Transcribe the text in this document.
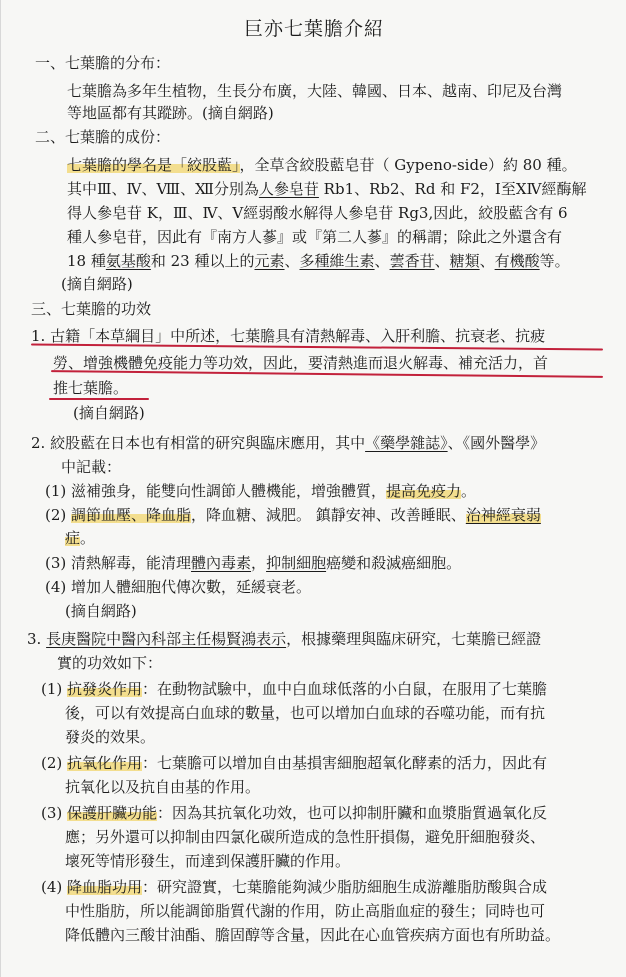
巨亦七葉膽介紹
一、七葉膽的分布：
七葉膽為多年生植物，生長分布廣，大陸、韓國、日本、越南、印尼及台灣
等地區都有其蹤跡。(摘自網路)
二、七葉膽的成份：
七葉膽的學名是「絞股藍」，全草含絞股藍皂苷（ Gypeno-side）約 80 種。
其中Ⅲ、Ⅳ、Ⅷ、Ⅻ分別為人參皂苷 Rb1、Rb2、Rd 和 F2，Ⅰ至ⅩⅣ經酶解
得人參皂苷 K，Ⅲ、Ⅳ、Ⅴ經弱酸水解得人參皂苷 Rg3,因此，絞股藍含有 6
種人參皂苷，因此有『南方人蔘』或『第二人蔘』的稱謂；除此之外還含有
18 種氨基酸和 23 種以上的元素、多種維生素、蕓香苷、糖類、有機酸等。
(摘自網路)
三、七葉膽的功效
1. 古籍「本草綱目」中所述，七葉膽具有清熱解毒、入肝利膽、抗衰老、抗疲
勞、增強機體免疫能力等功效，因此，要清熱進而退火解毒、補充活力，首
推七葉膽。
(摘自網路)
2. 絞股藍在日本也有相當的研究與臨床應用，其中《藥學雜誌》、《國外醫學》
中記載：
(1) 滋補強身，能雙向性調節人體機能，增強體質，提高免疫力。
(2) 調節血壓、降血脂，降血糖、減肥。 鎮靜安神、改善睡眠、治神經衰弱
症。
(3) 清熱解毒，能清理體內毒素，抑制細胞癌變和殺滅癌細胞。
(4) 增加人體細胞代傳次數，延緩衰老。
(摘自網路)
3. 長庚醫院中醫內科部主任楊賢鴻表示，根據藥理與臨床研究，七葉膽已經證
實的功效如下：
(1) 抗發炎作用：在動物試驗中，血中白血球低落的小白鼠，在服用了七葉膽
後，可以有效提高白血球的數量，也可以增加白血球的吞噬功能，而有抗
發炎的效果。
(2) 抗氧化作用：七葉膽可以增加自由基損害細胞超氧化酵素的活力，因此有
抗氧化以及抗自由基的作用。
(3) 保護肝臟功能：因為其抗氧化功效，也可以抑制肝臟和血漿脂質過氧化反
應；另外還可以抑制由四氯化碳所造成的急性肝損傷，避免肝細胞發炎、
壞死等情形發生，而達到保護肝臟的作用。
(4) 降血脂功用：研究證實，七葉膽能夠減少脂肪細胞生成游離脂肪酸與合成
中性脂肪，所以能調節脂質代謝的作用，防止高脂血症的發生；同時也可
降低體內三酸甘油酯、膽固醇等含量，因此在心血管疾病方面也有所助益。
